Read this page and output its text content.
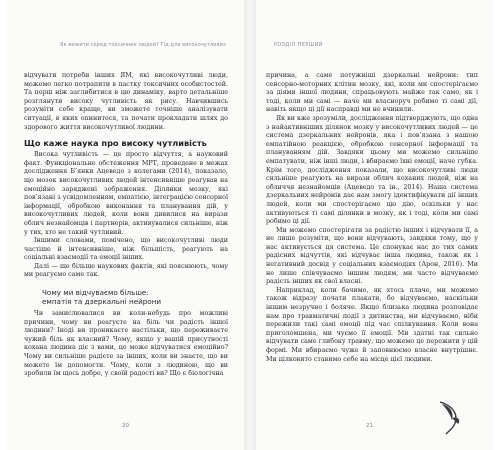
Як вижити серед токсичних людей? Гід для високочутливих

відчувати потреби інших ЯМ, які високочутливі люди, можемо легко потрапити в пастку токсичних особистостей. Та перш ніж заглибитися в цю динаміку, варто детальніше розглянути високу чутливість як рису. Навчившись розуміти себе краще, ви зможете точніше аналізувати ситуації, в яких опинитеся, та почати прокладати шлях до здорового життя високочутливої людини.

Що каже наука про високу чутливість

Висока чутливість — це просто відчуття, а науковий факт. Функціональне обстеження МРТ, проведене в межах дослідження Б’янки Ацеведо з колегами (2014), показало, що мозок високочутливих людей інтенсивніше реагував на емоційно заряджені зображення. Ділянки мозку, які пов’язані з усвідомленням, емпатією, інтеграцією сенсорної інформації, обробкою виконання та планування дій, у високочутливих людей, коли вони дивилися на вирази облич незнайомців і партнерів, активувалися сильніше, ніж у тих, хто не такий чутливий.

Іншими словами, помічено, що високочутливі люди частіше й інтенсивніше, ніж більшість, реагують на соціальні взаємодії та емоції інших.

Далі — ще більше наукових фактів, які пояснюють, чому ми реагуємо саме так.

Чому ми відчуваємо більше:
емпатія та дзеркальні нейрони

Чи замислювалися ви коли-небудь про можливі причини, чому ви реагуєте на біль чи радість іншої людини? Іноді ви проникаєте настільки, що переживаєте чужий біль як власний? Чому, якщо у вашій присутності кохана людина діє з вами, це може відчуватися емоційно? Чому ви сильніше радієте за інших, коли ви знаєте, що ви можете їм допомогти. Чому, коли з людиною, що ви зробили їм щось добре, у своїй радості ви? Що є біологічна

20
РОЗДІЛ ПЕРШИЙ

причина, а саме потужніші дзеркальні нейрони: тип сенсорно-моторних клітин мозку, які, коли ми спостерігаємо за діями іншої людини, спрацьовують майже так само, як і тоді, коли ми самі — наче ми власноруч робимо ті самі дії, навіть якщо ці дії насправді ми не вчинили.

Як ви вже зрозуміли, дослідження підтверджують, що одна з найактивніших ділянок мозку у високочутливих людей — це система дзеркальних нейронів, яка і пов’язана з нашою емпатійною реакцією, обробкою сенсорної інформації та плануванням дій. Завдяки цьому ми можемо сильніше емпатувати, ніж інші люди, і вбираємо їхні емоції, наче губка. Крім того, дослідження показали, що високочутливі люди сильніше реагують на вирази облич коханих людей, ніж на обличчя незнайомців (Ацеведо та ін., 2014). Наша система дзеркальних нейронів дає нам змогу ідентифікувати дії інших людей, коли ми спостерігаємо цю дію, оскільки у нас активуються ті самі ділянки в мозку, як і тоді, коли ми самі робимо ці дії.

Ми можемо спостерігати за радістю інших і відчувати її, а не лише розуміти, що вони відчувають, завдяки тому, що у нас активується ця система. Це спонукає нас до тих самих радісних відчуттів, які відчуває інша людина, також як і негативний досвід у соціальних взаємодіях (Арон, 2016). Ми не лише співчуваємо іншим людям, ми часто відчуваємо радість інших як свої власні.

Наприклад, коли бачимо, як хтось плаче, ми можемо також відразу почати плакати, бо відчуваємо, наскільки іншим незручно і боляче. Якщо близька людина розповідає нам про травматичні події з дитинства, ми відчуваємо, ніби пережили такі самі емоції під час спілкування. Коли вона приголомшена, ми чуємо її емоції. Ми здатні так сильно відчувати саме глибоку травму, що можемо це пережити у цій формі. Ми вбираємо чуже й заповнюємо власне внутрішнє. Ми цілковито ставимо себе на місце цієї людини.

21
